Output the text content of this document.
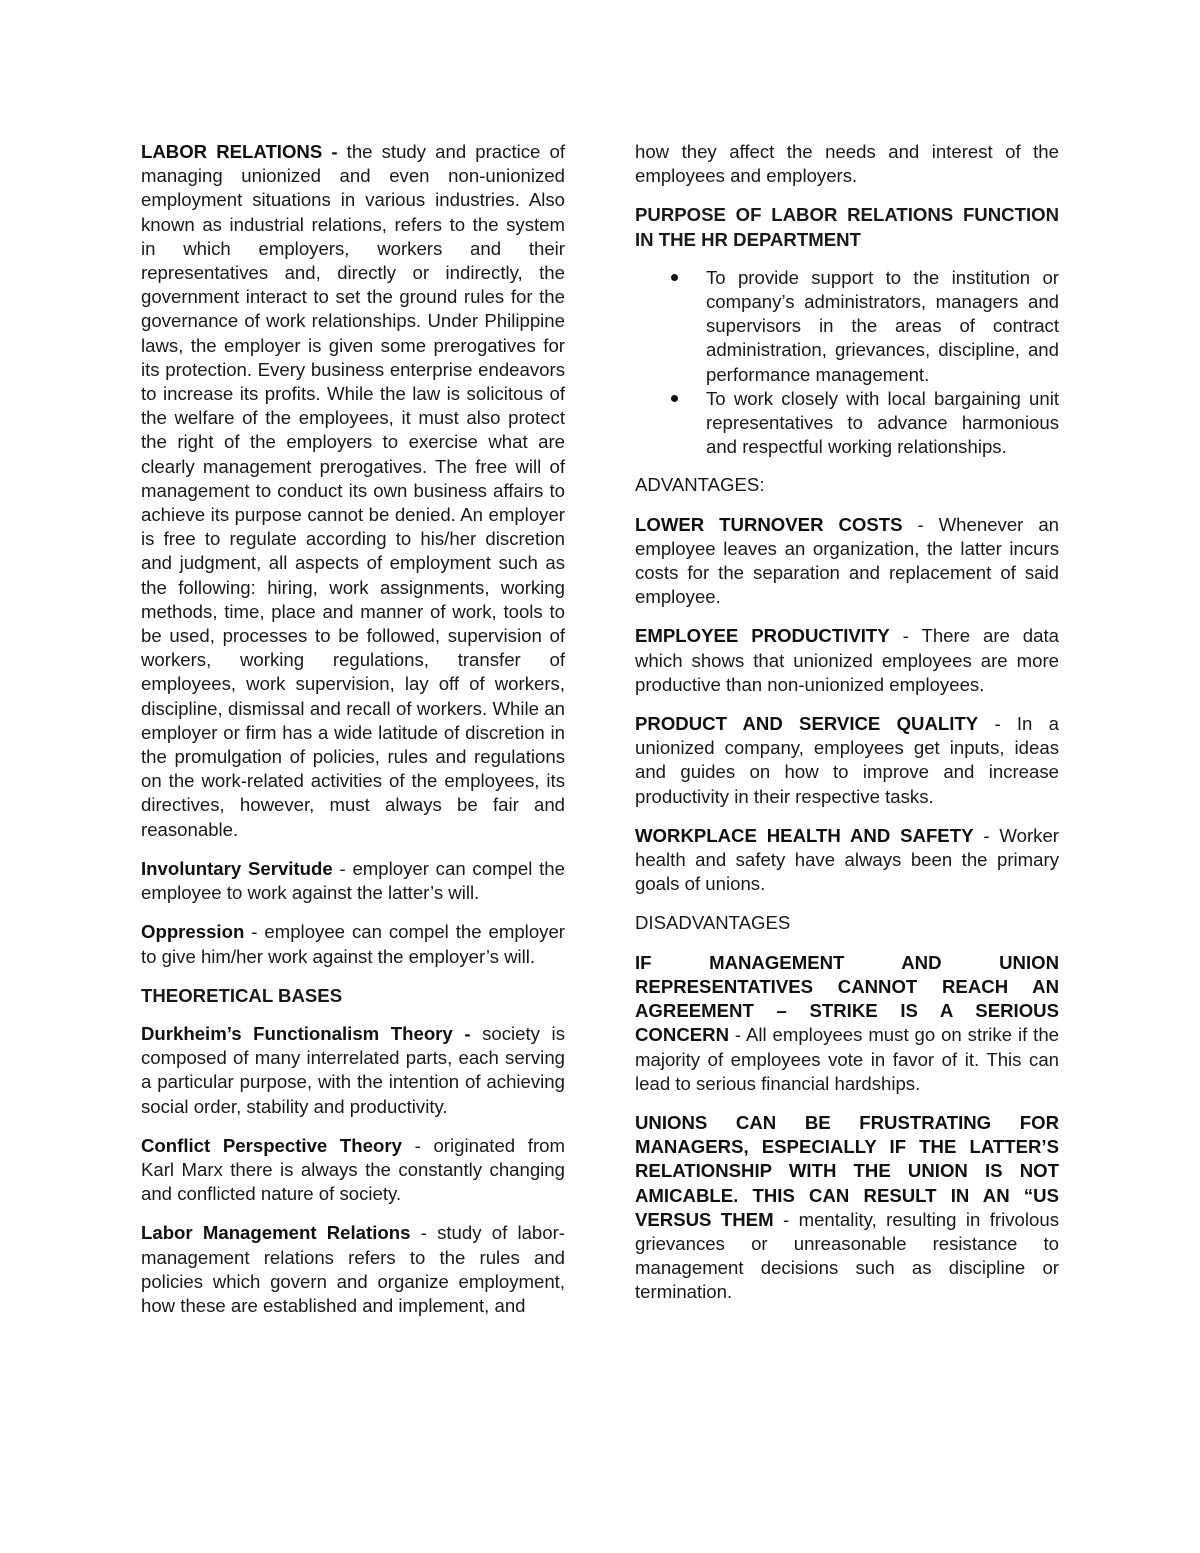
LABOR RELATIONS - the study and practice of managing unionized and even non-unionized employment situations in various industries. Also known as industrial relations, refers to the system in which employers, workers and their representatives and, directly or indirectly, the government interact to set the ground rules for the governance of work relationships. Under Philippine laws, the employer is given some prerogatives for its protection. Every business enterprise endeavors to increase its profits. While the law is solicitous of the welfare of the employees, it must also protect the right of the employers to exercise what are clearly management prerogatives. The free will of management to conduct its own business affairs to achieve its purpose cannot be denied. An employer is free to regulate according to his/her discretion and judgment, all aspects of employment such as the following: hiring, work assignments, working methods, time, place and manner of work, tools to be used, processes to be followed, supervision of workers, working regulations, transfer of employees, work supervision, lay off of workers, discipline, dismissal and recall of workers. While an employer or firm has a wide latitude of discretion in the promulgation of policies, rules and regulations on the work-related activities of the employees, its directives, however, must always be fair and reasonable.

Involuntary Servitude - employer can compel the employee to work against the latter’s will.

Oppression - employee can compel the employer to give him/her work against the employer’s will.

THEORETICAL BASES

Durkheim’s Functionalism Theory - society is composed of many interrelated parts, each serving a particular purpose, with the intention of achieving social order, stability and productivity.

Conflict Perspective Theory - originated from Karl Marx there is always the constantly changing and conflicted nature of society.

Labor Management Relations - study of labor-management relations refers to the rules and policies which govern and organize employment, how these are established and implement, and

how they affect the needs and interest of the employees and employers.

PURPOSE OF LABOR RELATIONS FUNCTION IN THE HR DEPARTMENT

To provide support to the institution or company’s administrators, managers and supervisors in the areas of contract administration, grievances, discipline, and performance management.
To work closely with local bargaining unit representatives to advance harmonious and respectful working relationships.

ADVANTAGES:

LOWER TURNOVER COSTS - Whenever an employee leaves an organization, the latter incurs costs for the separation and replacement of said employee.

EMPLOYEE PRODUCTIVITY - There are data which shows that unionized employees are more productive than non-unionized employees.

PRODUCT AND SERVICE QUALITY - In a unionized company, employees get inputs, ideas and guides on how to improve and increase productivity in their respective tasks.

WORKPLACE HEALTH AND SAFETY - Worker health and safety have always been the primary goals of unions.

DISADVANTAGES

IF MANAGEMENT AND UNION REPRESENTATIVES CANNOT REACH AN AGREEMENT – STRIKE IS A SERIOUS CONCERN - All employees must go on strike if the majority of employees vote in favor of it. This can lead to serious financial hardships.

UNIONS CAN BE FRUSTRATING FOR MANAGERS, ESPECIALLY IF THE LATTER’S RELATIONSHIP WITH THE UNION IS NOT AMICABLE. THIS CAN RESULT IN AN “US VERSUS THEM - mentality, resulting in frivolous grievances or unreasonable resistance to management decisions such as discipline or termination.
